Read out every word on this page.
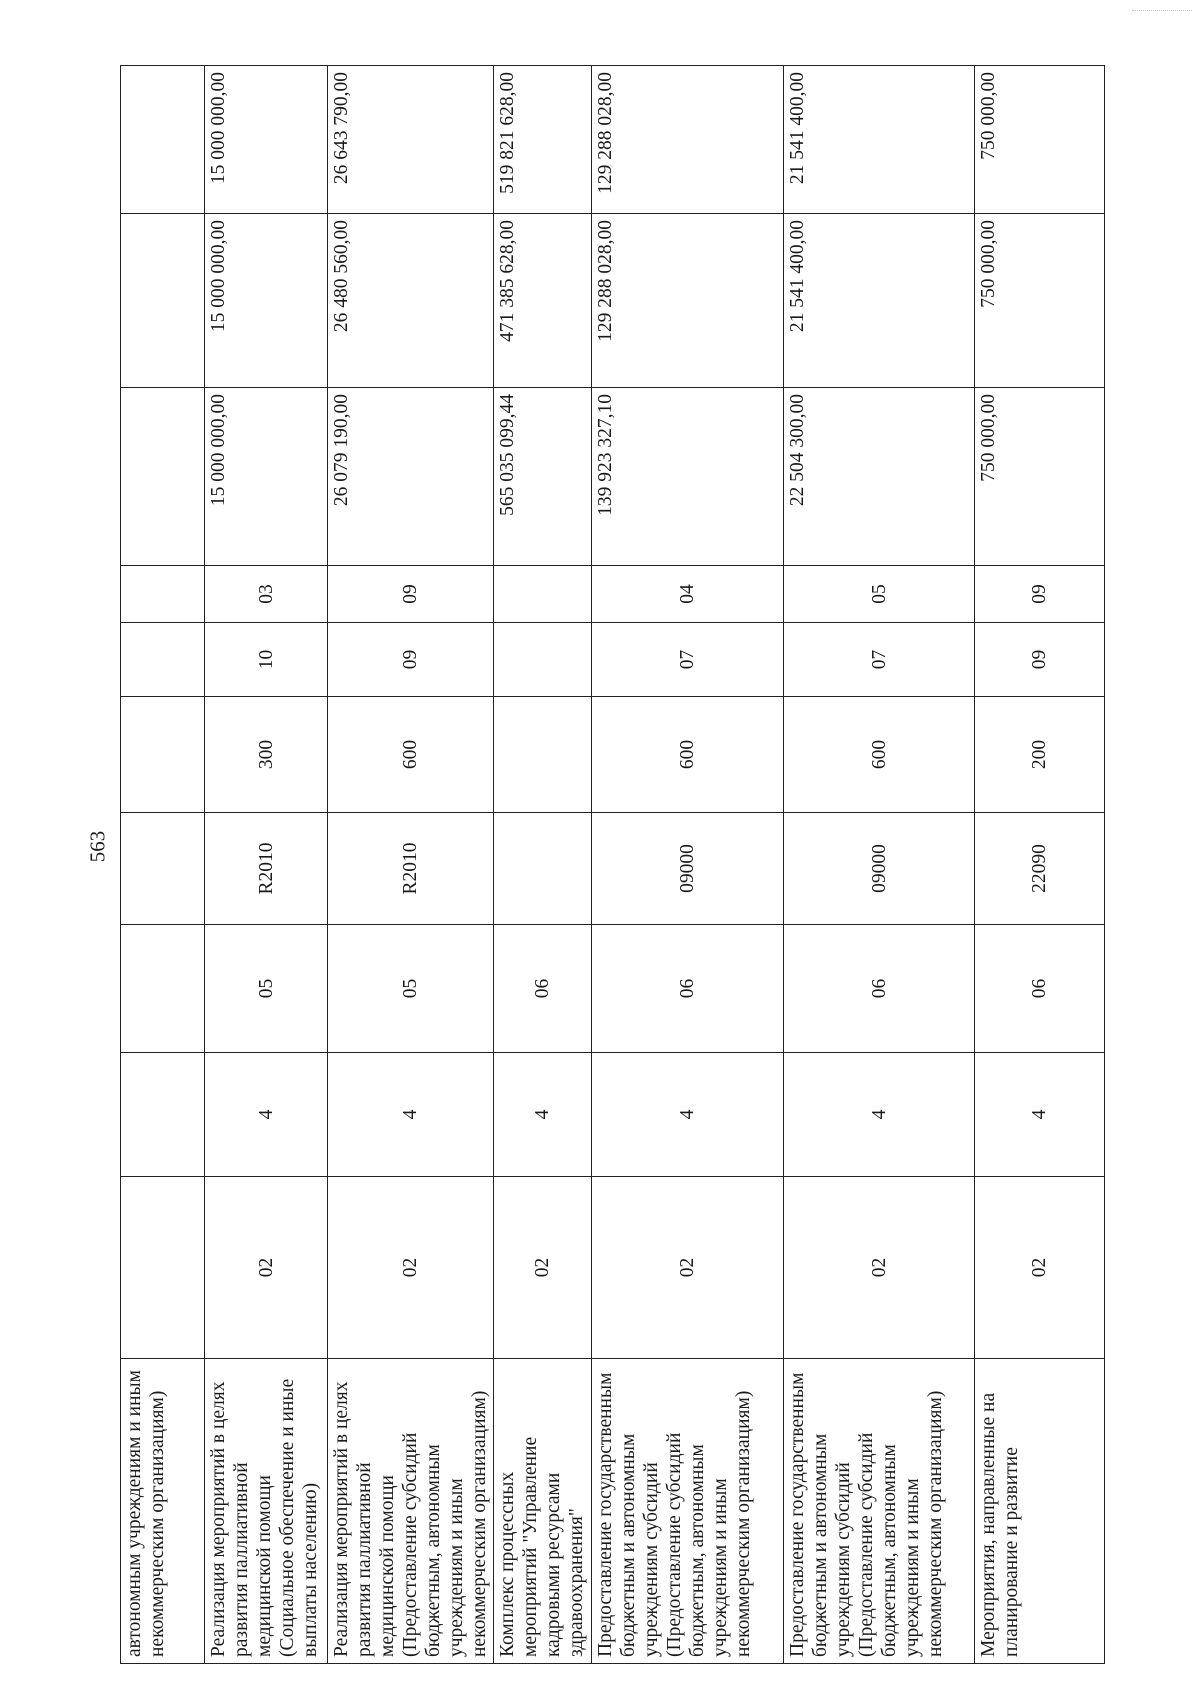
563
автономным учреждениям и иным некоммерческим организациям)										
Реализация мероприятий в целях развития паллиативной медицинской помощи (Социальное обеспечение и иные выплаты населению)	02	4	05	R2010	300	10	03	15 000 000,00	15 000 000,00	15 000 000,00
Реализация мероприятий в целях развития паллиативной медицинской помощи (Предоставление субсидий бюджетным, автономным учреждениям и иным некоммерческим организациям)	02	4	05	R2010	600	09	09	26 079 190,00	26 480 560,00	26 643 790,00
Комплекс процессных мероприятий "Управление кадровыми ресурсами здравоохранения"	02	4	06					565 035 099,44	471 385 628,00	519 821 628,00
Предоставление государственным бюджетным и автономным учреждениям субсидий (Предоставление субсидий бюджетным, автономным учреждениям и иным некоммерческим организациям)	02	4	06	09000	600	07	04	139 923 327,10	129 288 028,00	129 288 028,00
Предоставление государственным бюджетным и автономным учреждениям субсидий (Предоставление субсидий бюджетным, автономным учреждениям и иным некоммерческим организациям)	02	4	06	09000	600	07	05	22 504 300,00	21 541 400,00	21 541 400,00
Мероприятия, направленные на планирование и развитие	02	4	06	22090	200	09	09	750 000,00	750 000,00	750 000,00
